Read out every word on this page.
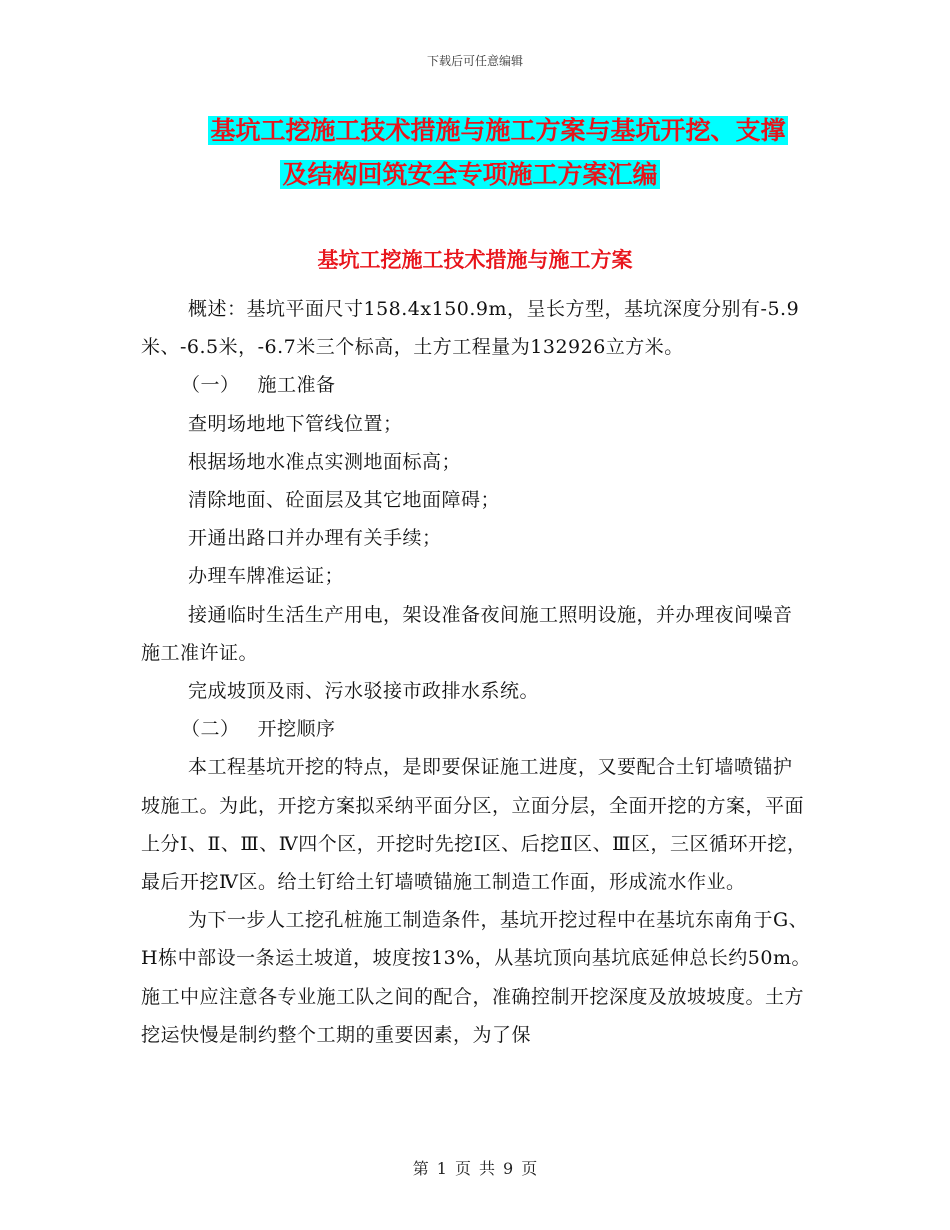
下载后可任意编辑
基坑工挖施工技术措施与施工方案与基坑开挖、支撑
及结构回筑安全专项施工方案汇编
基坑工挖施工技术措施与施工方案

概述：基坑平面尺寸158.4x150.9m，呈长方型，基坑深度分别有-5.9米、-6.5米，-6.7米三个标高，土方工程量为132926立方米。

（一） 施工准备

查明场地地下管线位置；

根据场地水准点实测地面标高；

清除地面、砼面层及其它地面障碍；

开通出路口并办理有关手续；

办理车牌准运证；

接通临时生活生产用电，架设准备夜间施工照明设施，并办理夜间噪音施工准许证。

完成坡顶及雨、污水驳接市政排水系统。

（二） 开挖顺序

本工程基坑开挖的特点，是即要保证施工进度，又要配合土钉墙喷锚护坡施工。为此，开挖方案拟采纳平面分区，立面分层，全面开挖的方案，平面上分Ⅰ、Ⅱ、Ⅲ、Ⅳ四个区，开挖时先挖Ⅰ区、后挖Ⅱ区、Ⅲ区，三区循环开挖，最后开挖Ⅳ区。给土钉给土钉墙喷锚施工制造工作面，形成流水作业。

为下一步人工挖孔桩施工制造条件，基坑开挖过程中在基坑东南角于G、H栋中部设一条运土坡道，坡度按13%，从基坑顶向基坑底延伸总长约50m。施工中应注意各专业施工队之间的配合，准确控制开挖深度及放坡坡度。土方挖运快慢是制约整个工期的重要因素，为了保

第 1 页 共 9 页
